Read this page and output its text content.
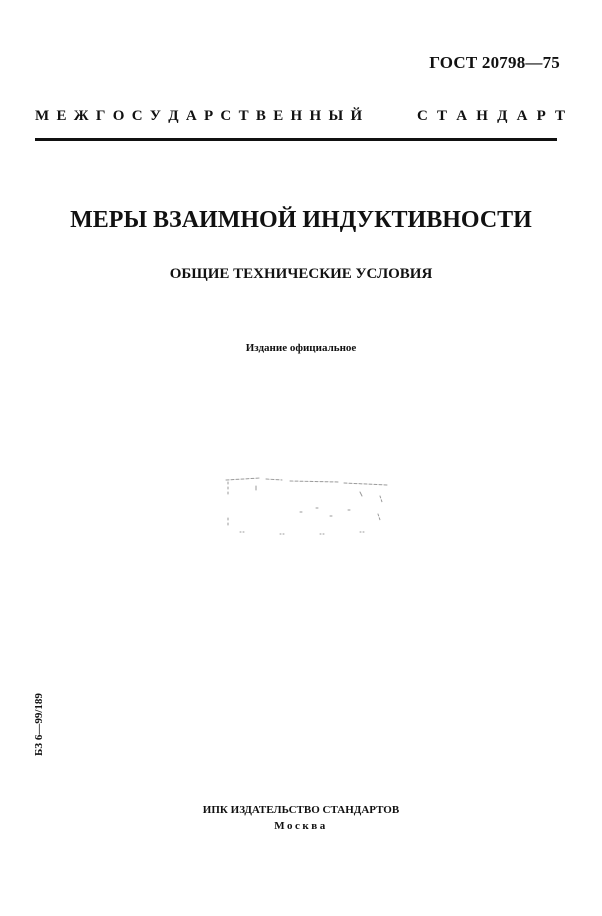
ГОСТ 20798—75
М Е Ж Г О С У Д А Р С Т В Е Н Н Ы Й	С Т А Н Д А Р Т
МЕРЫ ВЗАИМНОЙ ИНДУКТИВНОСТИ
ОБЩИЕ ТЕХНИЧЕСКИЕ УСЛОВИЯ
Издание официальное
БЗ 6—99/189
ИПК ИЗДАТЕЛЬСТВО СТАНДАРТОВ
Москва
